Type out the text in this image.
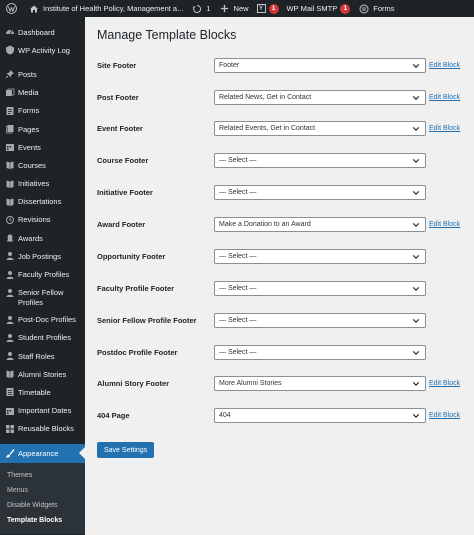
Institute of Health Policy, Management a...	1	New	Y	1	WP Mail SMTP 1	Forms
Dashboard
WP Activity Log
Posts
Media
Forms
Pages
Events
Courses
Initiatives
Dissertations
Revisions
Awards
Job Postings
Faculty Profiles
Senior Fellow Profiles
Post-Doc Profiles
Student Profiles
Staff Roles
Alumni Stories
Timetable
Important Dates
Reusable Blocks
Appearance
Themes
Menus
Disable Widgets
Template Blocks
Manage Template Blocks
Site Footer	Footer	Edit Block
Post Footer	Related News, Get in Contact	Edit Block
Event Footer	Related Events, Get in Contact	Edit Block
Course Footer	— Select —
Initiative Footer	— Select —
Award Footer	Make a Donation to an Award	Edit Block
Opportunity Footer	— Select —
Faculty Profile Footer	— Select —
Senior Fellow Profile Footer	— Select —
Postdoc Profile Footer	— Select —
Alumni Story Footer	More Alumni Stories	Edit Block
404 Page	404	Edit Block
Save Settings
